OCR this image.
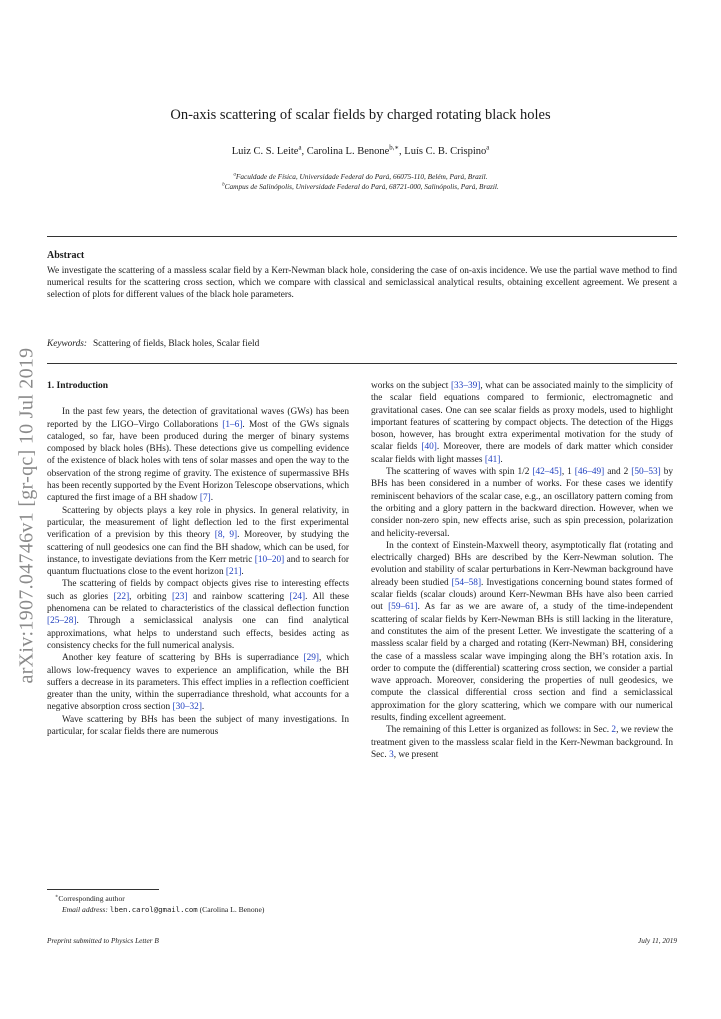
arXiv:1907.04746v1 [gr-qc] 10 Jul 2019
On-axis scattering of scalar fields by charged rotating black holes
Luiz C. S. Leite$^a$, Carolina L. Benone$^{b,∗}$, Luís C. B. Crispino$^a$
$^a$Faculdade de Física, Universidade Federal do Pará, 66075-110, Belém, Pará, Brazil.
$^b$Campus de Salinópolis, Universidade Federal do Pará, 68721-000, Salinópolis, Pará, Brazil.
Abstract
We investigate the scattering of a massless scalar field by a Kerr-Newman black hole, considering the case of on-axis incidence. We use the partial wave method to find numerical results for the scattering cross section, which we compare with classical and semiclassical analytical results, obtaining excellent agreement. We present a selection of plots for different values of the black hole parameters.
Keywords: Scattering of fields, Black holes, Scalar field
1. Introduction

In the past few years, the detection of gravitational waves (GWs) has been reported by the LIGO–Virgo Collaborations [1–6]. Most of the GWs signals cataloged, so far, have been produced during the merger of binary systems composed by black holes (BHs). These detections give us compelling evidence of the existence of black holes with tens of solar masses and open the way to the observation of the strong regime of gravity. The existence of supermassive BHs has been recently supported by the Event Horizon Telescope observations, which captured the first image of a BH shadow [7].

Scattering by objects plays a key role in physics. In general relativity, in particular, the measurement of light deflection led to the first experimental verification of a prevision by this theory [8, 9]. Moreover, by studying the scattering of null geodesics one can find the BH shadow, which can be used, for instance, to investigate deviations from the Kerr metric [10–20] and to search for quantum fluctuations close to the event horizon [21].

The scattering of fields by compact objects gives rise to interesting effects such as glories [22], orbiting [23] and rainbow scattering [24]. All these phenomena can be related to characteristics of the classical deflection function [25–28]. Through a semiclassical analysis one can find analytical approximations, what helps to understand such effects, besides acting as consistency checks for the full numerical analysis.

Another key feature of scattering by BHs is superradiance [29], which allows low-frequency waves to experience an amplification, while the BH suffers a decrease in its parameters. This effect implies in a reflection coefficient greater than the unity, within the superradiance threshold, what accounts for a negative absorption cross section [30–32].

Wave scattering by BHs has been the subject of many investigations. In particular, for scalar fields there are numerous

works on the subject [33–39], what can be associated mainly to the simplicity of the scalar field equations compared to fermionic, electromagnetic and gravitational cases. One can see scalar fields as proxy models, used to highlight important features of scattering by compact objects. The detection of the Higgs boson, however, has brought extra experimental motivation for the study of scalar fields [40]. Moreover, there are models of dark matter which consider scalar fields with light masses [41].

The scattering of waves with spin 1/2 [42–45], 1 [46–49] and 2 [50–53] by BHs has been considered in a number of works. For these cases we identify reminiscent behaviors of the scalar case, e.g., an oscillatory pattern coming from the orbiting and a glory pattern in the backward direction. However, when we consider non-zero spin, new effects arise, such as spin precession, polarization and helicity-reversal.

In the context of Einstein-Maxwell theory, asymptotically flat (rotating and electrically charged) BHs are described by the Kerr-Newman solution. The evolution and stability of scalar perturbations in Kerr-Newman background have already been studied [54–58]. Investigations concerning bound states formed of scalar fields (scalar clouds) around Kerr-Newman BHs have also been carried out [59–61]. As far as we are aware of, a study of the time-independent scattering of scalar fields by Kerr-Newman BHs is still lacking in the literature, and constitutes the aim of the present Letter. We investigate the scattering of a massless scalar field by a charged and rotating (Kerr-Newman) BH, considering the case of a massless scalar wave impinging along the BH’s rotation axis. In order to compute the (differential) scattering cross section, we consider a partial wave approach. Moreover, considering the properties of null geodesics, we compute the classical differential cross section and find a semiclassical approximation for the glory scattering, which we compare with our numerical results, finding excellent agreement.

The remaining of this Letter is organized as follows: in Sec. 2, we review the treatment given to the massless scalar field in the Kerr-Newman background. In Sec. 3, we present

∗Corresponding author
Email address: lben.carol@gmail.com (Carolina L. Benone)
Preprint submitted to Physics Letter B	July 11, 2019
